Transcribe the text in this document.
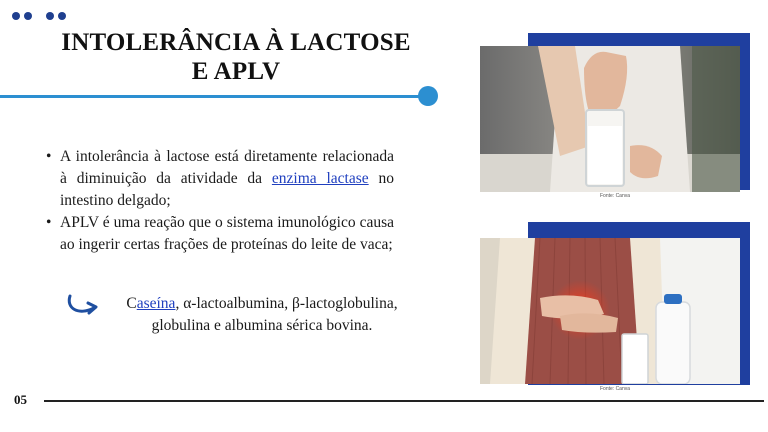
INTOLERÂNCIA À LACTOSE
E APLV

• A intolerância à lactose está diretamente relacionada à diminuição da atividade da enzima lactase no intestino delgado;

• APLV é uma reação que o sistema imunológico causa ao ingerir certas frações de proteínas do leite de vaca;

Caseína, α-lactoalbumina, β-lactoglobulina, globulina e albumina sérica bovina.
Fonte: Canva
Fonte: Canva
05
